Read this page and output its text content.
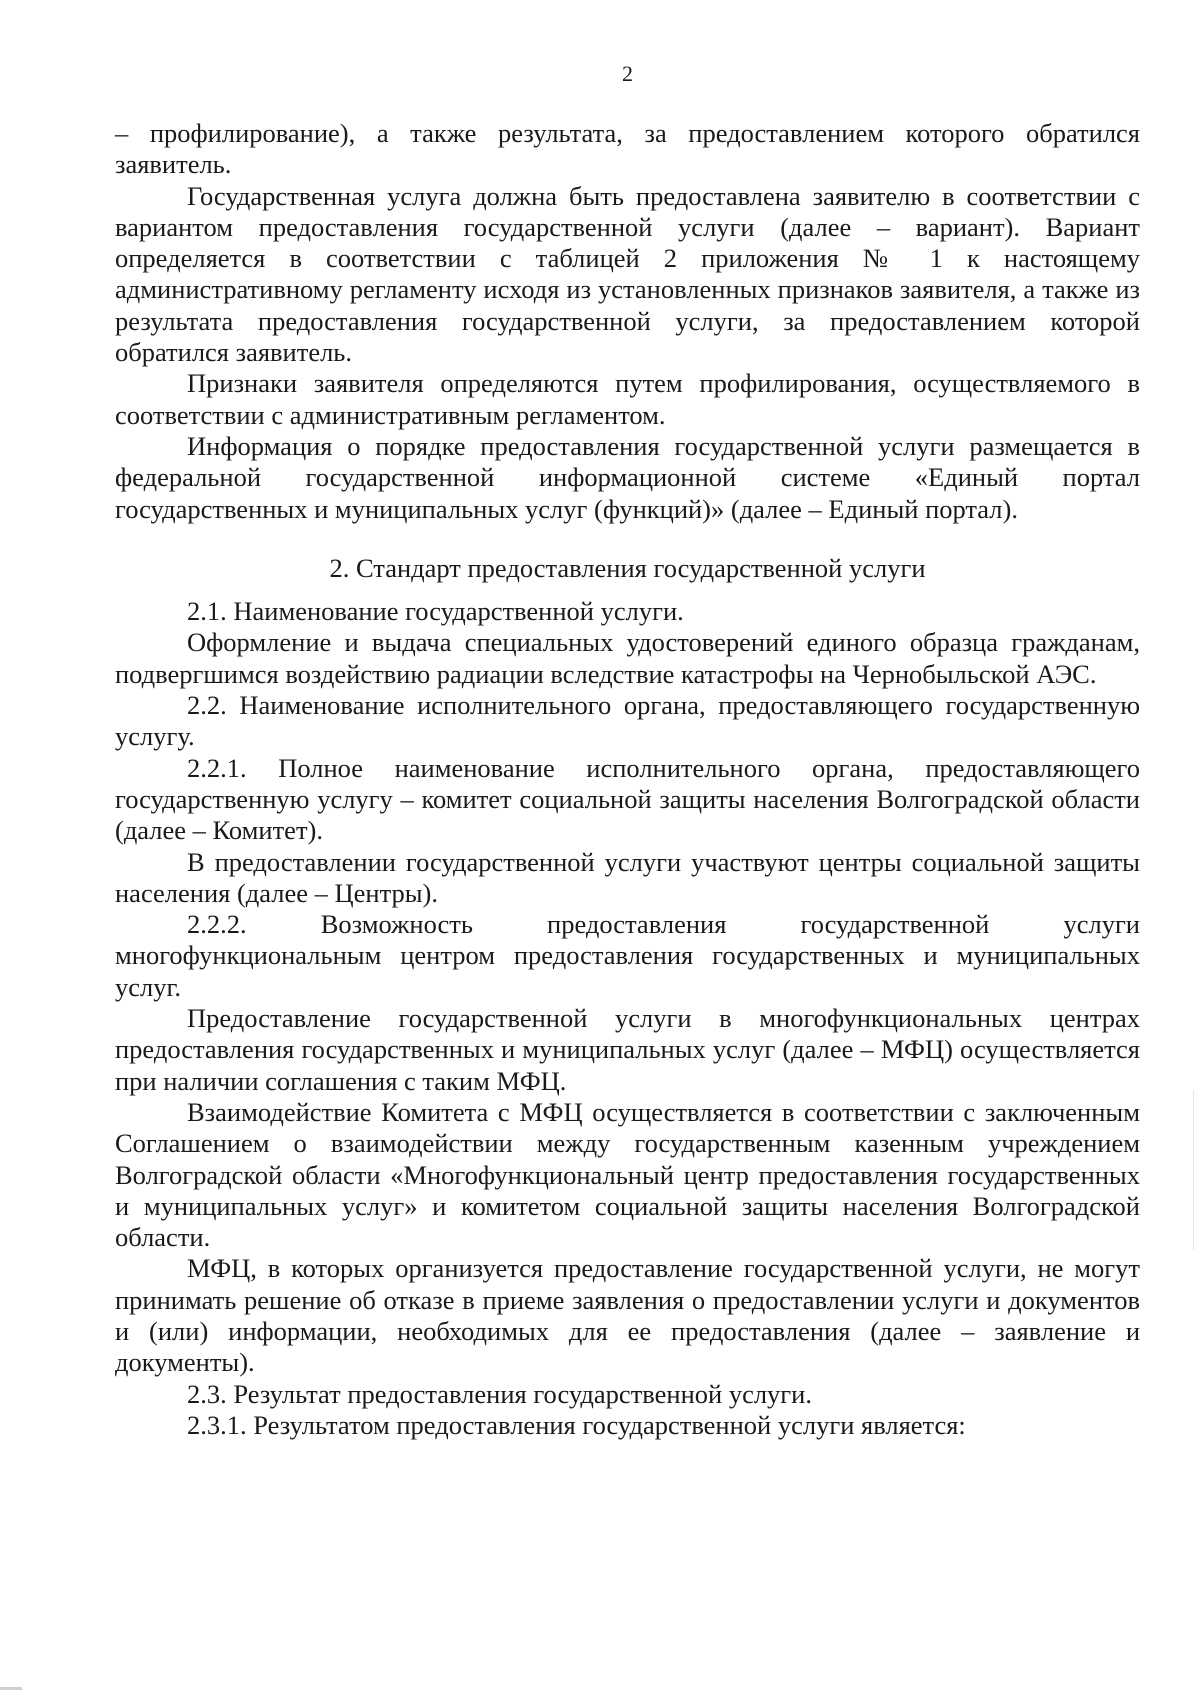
2

– профилирование), а также результата, за предоставлением которого обратился заявитель.

Государственная услуга должна быть предоставлена заявителю в соответствии с вариантом предоставления государственной услуги (далее – вариант). Вариант определяется в соответствии с таблицей 2 приложения № 1 к настоящему административному регламенту исходя из установленных признаков заявителя, а также из результата предоставления государственной услуги, за предоставлением которой обратился заявитель.

Признаки заявителя определяются путем профилирования, осуществляемого в соответствии с административным регламентом.

Информация о порядке предоставления государственной услуги размещается в федеральной государственной информационной системе «Единый портал государственных и муниципальных услуг (функций)» (далее – Единый портал).

2. Стандарт предоставления государственной услуги

2.1. Наименование государственной услуги.

Оформление и выдача специальных удостоверений единого образца гражданам, подвергшимся воздействию радиации вследствие катастрофы на Чернобыльской АЭС.

2.2. Наименование исполнительного органа, предоставляющего государственную услугу.

2.2.1. Полное наименование исполнительного органа, предоставляющего государственную услугу – комитет социальной защиты населения Волгоградской области (далее – Комитет).

В предоставлении государственной услуги участвуют центры социальной защиты населения (далее – Центры).

2.2.2. Возможность предоставления государственной услуги многофункциональным центром предоставления государственных и муниципальных услуг.

Предоставление государственной услуги в многофункциональных центрах предоставления государственных и муниципальных услуг (далее – МФЦ) осуществляется при наличии соглашения с таким МФЦ.

Взаимодействие Комитета с МФЦ осуществляется в соответствии с заключенным Соглашением о взаимодействии между государственным казенным учреждением Волгоградской области «Многофункциональный центр предоставления государственных и муниципальных услуг» и комитетом социальной защиты населения Волгоградской области.

МФЦ, в которых организуется предоставление государственной услуги, не могут принимать решение об отказе в приеме заявления о предоставлении услуги и документов и (или) информации, необходимых для ее предоставления (далее – заявление и документы).

2.3. Результат предоставления государственной услуги.

2.3.1. Результатом предоставления государственной услуги является:
